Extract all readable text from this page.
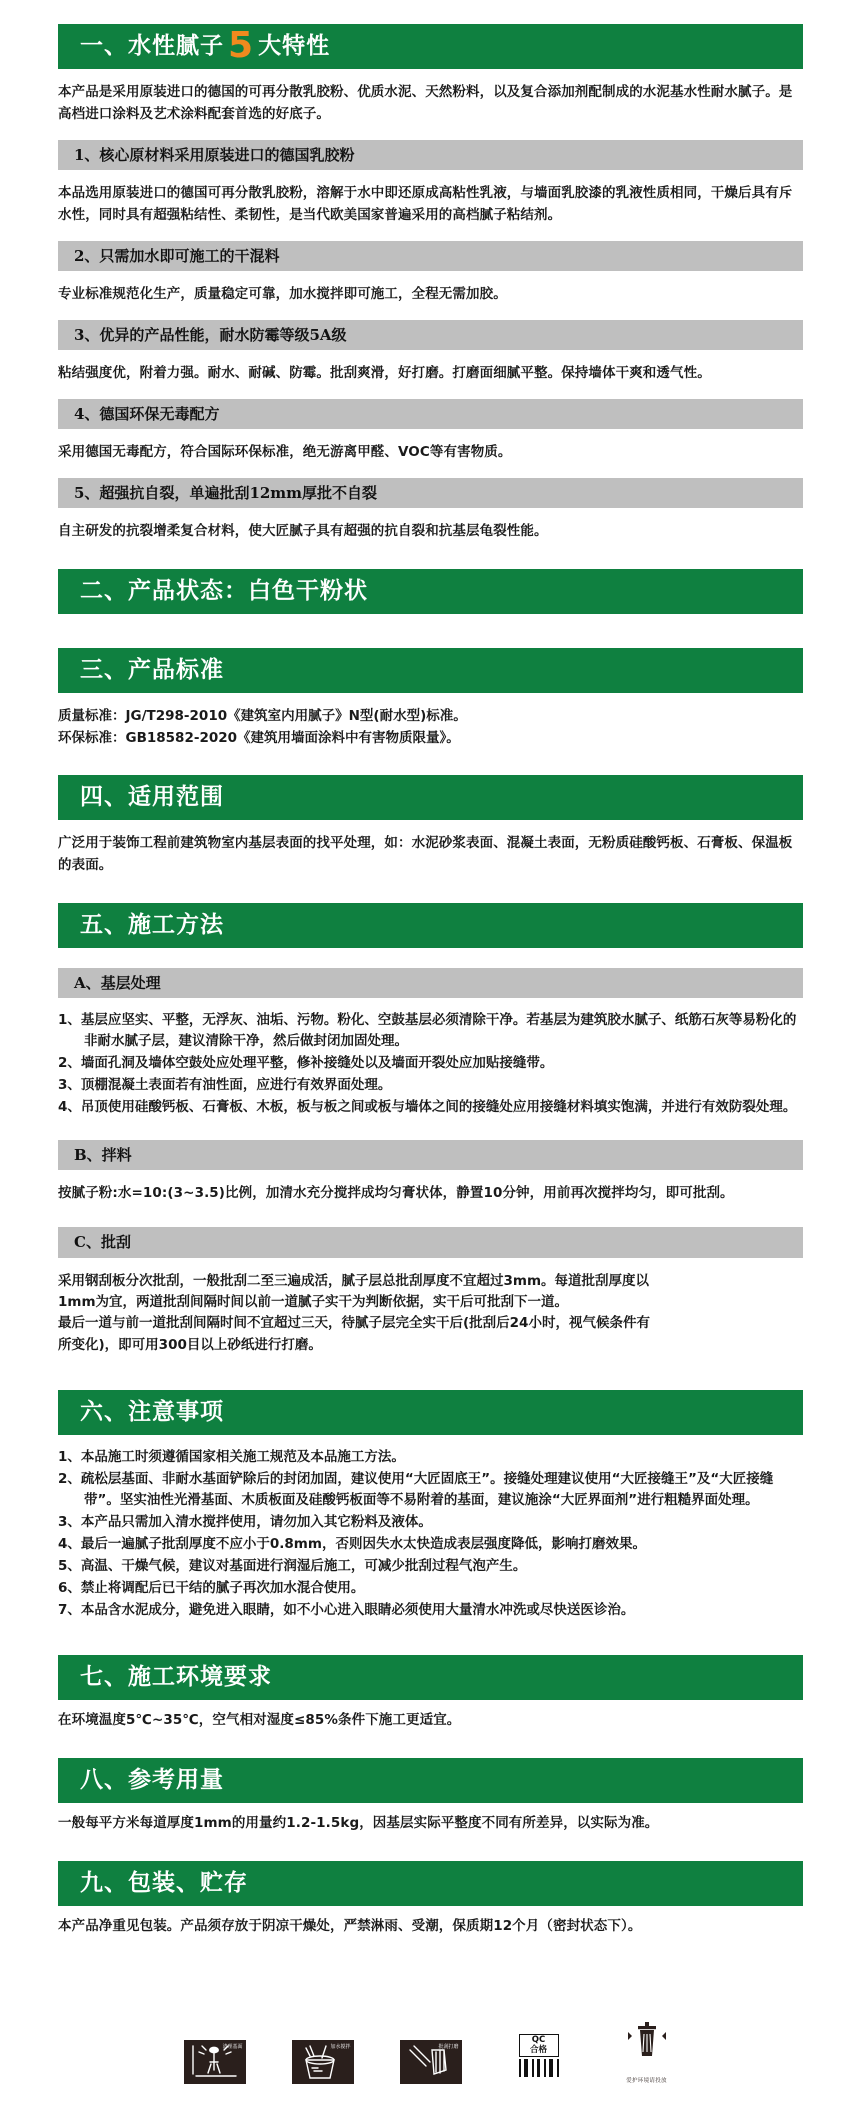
一、水性腻子 5 大特性

本产品是采用原装进口的德国的可再分散乳胶粉、优质水泥、天然粉料，以及复合添加剂配制成的水泥基水性耐水腻子。是高档进口涂料及艺术涂料配套首选的好底子。

1、核心原材料采用原装进口的德国乳胶粉

本品选用原装进口的德国可再分散乳胶粉，溶解于水中即还原成高粘性乳液，与墙面乳胶漆的乳液性质相同，干燥后具有斥水性，同时具有超强粘结性、柔韧性，是当代欧美国家普遍采用的高档腻子粘结剂。

2、只需加水即可施工的干混料

专业标准规范化生产，质量稳定可靠，加水搅拌即可施工，全程无需加胶。

3、优异的产品性能，耐水防霉等级5A级

粘结强度优，附着力强。耐水、耐碱、防霉。批刮爽滑，好打磨。打磨面细腻平整。保持墙体干爽和透气性。

4、德国环保无毒配方

采用德国无毒配方，符合国际环保标准，绝无游离甲醛、VOC等有害物质。

5、超强抗自裂，单遍批刮12mm厚批不自裂

自主研发的抗裂增柔复合材料，使大匠腻子具有超强的抗自裂和抗基层龟裂性能。

二、产品状态：白色干粉状
三、产品标准
质量标准：JG/T298-2010《建筑室内用腻子》N型(耐水型)标准。
环保标准：GB18582-2020《建筑用墙面涂料中有害物质限量》。
四、适用范围

广泛用于装饰工程前建筑物室内基层表面的找平处理，如：水泥砂浆表面、混凝土表面，无粉质硅酸钙板、石膏板、保温板的表面。

五、施工方法
A、基层处理
1、基层应坚实、平整，无浮灰、油垢、污物。粉化、空鼓基层必须清除干净。若基层为建筑胶水腻子、纸筋石灰等易粉化的非耐水腻子层，建议清除干净，然后做封闭加固处理。
2、墙面孔洞及墙体空鼓处应处理平整，修补接缝处以及墙面开裂处应加贴接缝带。
3、顶棚混凝土表面若有油性面，应进行有效界面处理。
4、吊顶使用硅酸钙板、石膏板、木板，板与板之间或板与墙体之间的接缝处应用接缝材料填实饱满，并进行有效防裂处理。
B、拌料

按腻子粉:水=10:(3~3.5)比例，加清水充分搅拌成均匀膏状体，静置10分钟，用前再次搅拌均匀，即可批刮。

C、批刮
采用钢刮板分次批刮，一般批刮二至三遍成活，腻子层总批刮厚度不宜超过3mm。每道批刮厚度以
1mm为宜，两道批刮间隔时间以前一道腻子实干为判断依据，实干后可批刮下一道。
最后一道与前一道批刮间隔时间不宜超过三天，待腻子层完全实干后(批刮后24小时，视气候条件有
所变化)，即可用300目以上砂纸进行打磨。
六、注意事项
1、本品施工时须遵循国家相关施工规范及本品施工方法。
2、疏松层基面、非耐水基面铲除后的封闭加固，建议使用“大匠固底王”。接缝处理建议使用“大匠接缝王”及“大匠接缝带”。坚实油性光滑基面、木质板面及硅酸钙板面等不易附着的基面，建议施涂“大匠界面剂”进行粗糙界面处理。
3、本产品只需加入清水搅拌使用，请勿加入其它粉料及液体。
4、最后一遍腻子批刮厚度不应小于0.8mm，否则因失水太快造成表层强度降低，影响打磨效果。
5、高温、干燥气候，建议对基面进行润湿后施工，可减少批刮过程气泡产生。
6、禁止将调配后已干结的腻子再次加水混合使用。
7、本品含水泥成分，避免进入眼睛，如不小心进入眼睛必须使用大量清水冲洗或尽快送医诊治。
七、施工环境要求

在环境温度5℃~35℃，空气相对湿度≤85%条件下施工更适宜。

八、参考用量

一般每平方米每道厚度1mm的用量约1.2-1.5kg，因基层实际平整度不同有所差异，以实际为准。

九、包装、贮存

本产品净重见包装。产品须存放于阴凉干燥处，严禁淋雨、受潮，保质期12个月（密封状态下）。

清理基面	加水搅拌	批刮打磨
QC
合格
爱护环境请投放
